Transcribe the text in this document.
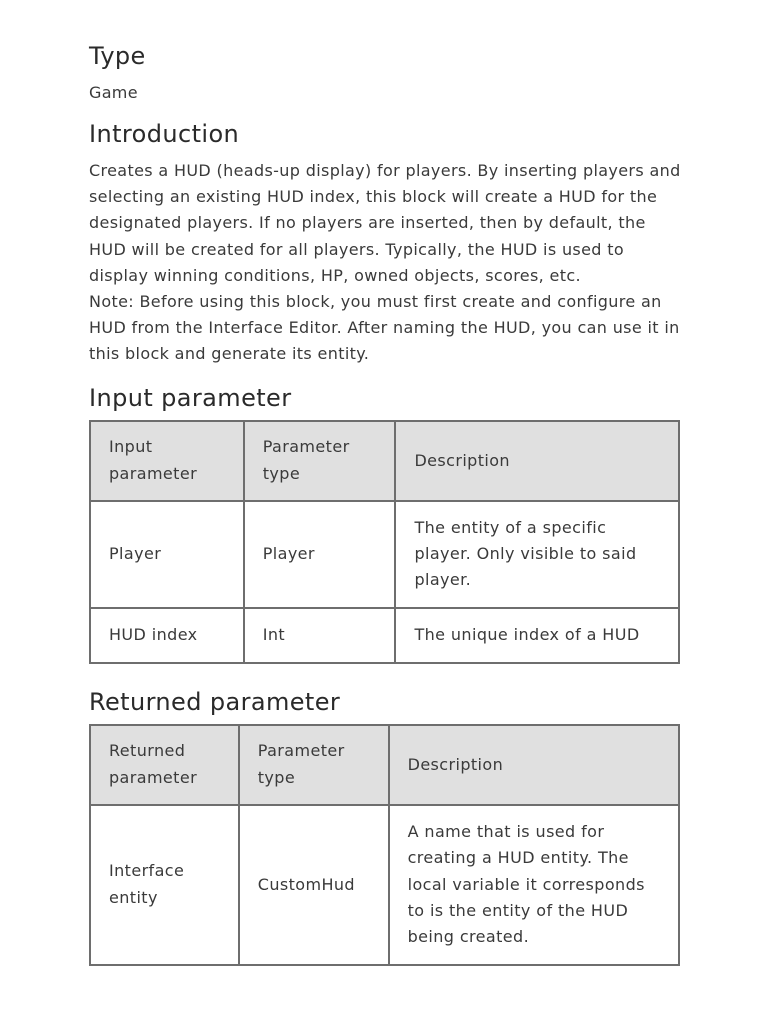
Type
Game
Introduction

Creates a HUD (heads-up display) for players. By inserting players and selecting an existing HUD index, this block will create a HUD for the designated players. If no players are inserted, then by default, the HUD will be created for all players. Typically, the HUD is used to display winning conditions, HP, owned objects, scores, etc.

Note: Before using this block, you must first create and configure an HUD from the Interface Editor. After naming the HUD, you can use it in this block and generate its entity.

Input parameter
Input parameter	Parameter type	Description
Player	Player	The entity of a specific player. Only visible to said player.
HUD index	Int	The unique index of a HUD
Returned parameter
Returned parameter	Parameter type	Description
Interface entity	CustomHud	A name that is used for creating a HUD entity. The local variable it corresponds to is the entity of the HUD being created.
